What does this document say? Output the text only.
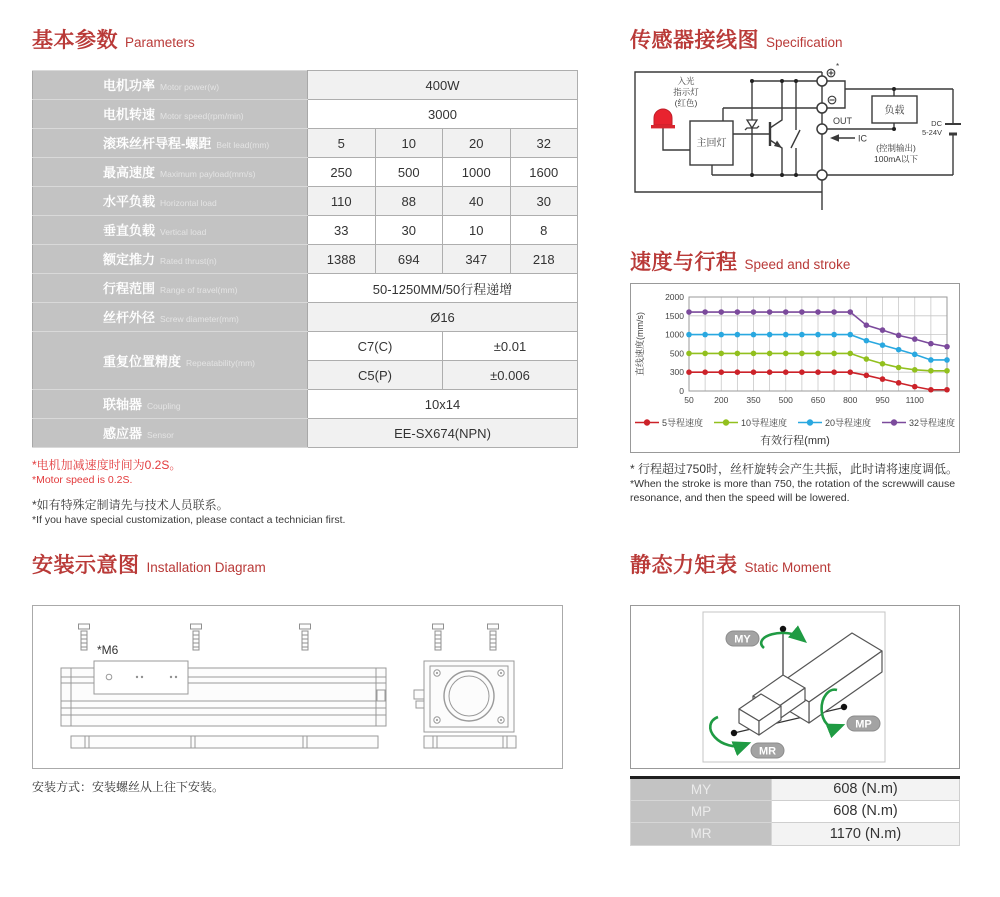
基本参数 Parameters
电机功率 Motor power(w)	400W			
电机转速 Motor speed(rpm/min)	3000			
滚珠丝杆导程-螺距 Belt lead(mm)	5	10	20	32
最高速度 Maximum payload(mm/s)	250	500	1000	1600
水平负载 Horizontal load	110	88	40	30
垂直负载 Vertical load	33	30	10	8
额定推力 Rated thrust(n)	1388	694	347	218
行程范围 Range of travel(mm)	50-1250MM/50行程递增			
丝杆外径 Screw diameter(mm)	Ø16			
重复位置精度 Repeatability(mm)	C7(C)		±0.01	
	C5(P)		±0.006	
联轴器 Coupling	10x14			
感应器 Sensor	EE-SX674(NPN)			

*电机加减速度时间为0.2S。

*Motor speed is 0.2S.

*如有特殊定制请先与技术人员联系。

*If you have special customization, please contact a technician first.

传感器接线图 Specification
入光
指示灯
(红色)
主回灯
负载
OUT
IC
(控制输出)
100mA以下
DC
5-24V
*
速度与行程 Speed and stroke
0
300
500
1000
1500
2000
50 200 350 500 650 800 950 1100
直线速度(mm/s)
5导程速度	10导程速度	20导程速度	32导程速度
有效行程(mm)

* 行程超过750时，丝杆旋转会产生共振，此时请将速度调低。

*When the stroke is more than 750, the rotation of the screwwill cause resonance, and then the speed will be lowered.

安装示意图 Installation Diagram
*M6

安装方式：安装螺丝从上往下安装。

静态力矩表 Static Moment
MY
MP
MR
MY	608 (N.m)
MP	608 (N.m)
MR	1170 (N.m)
